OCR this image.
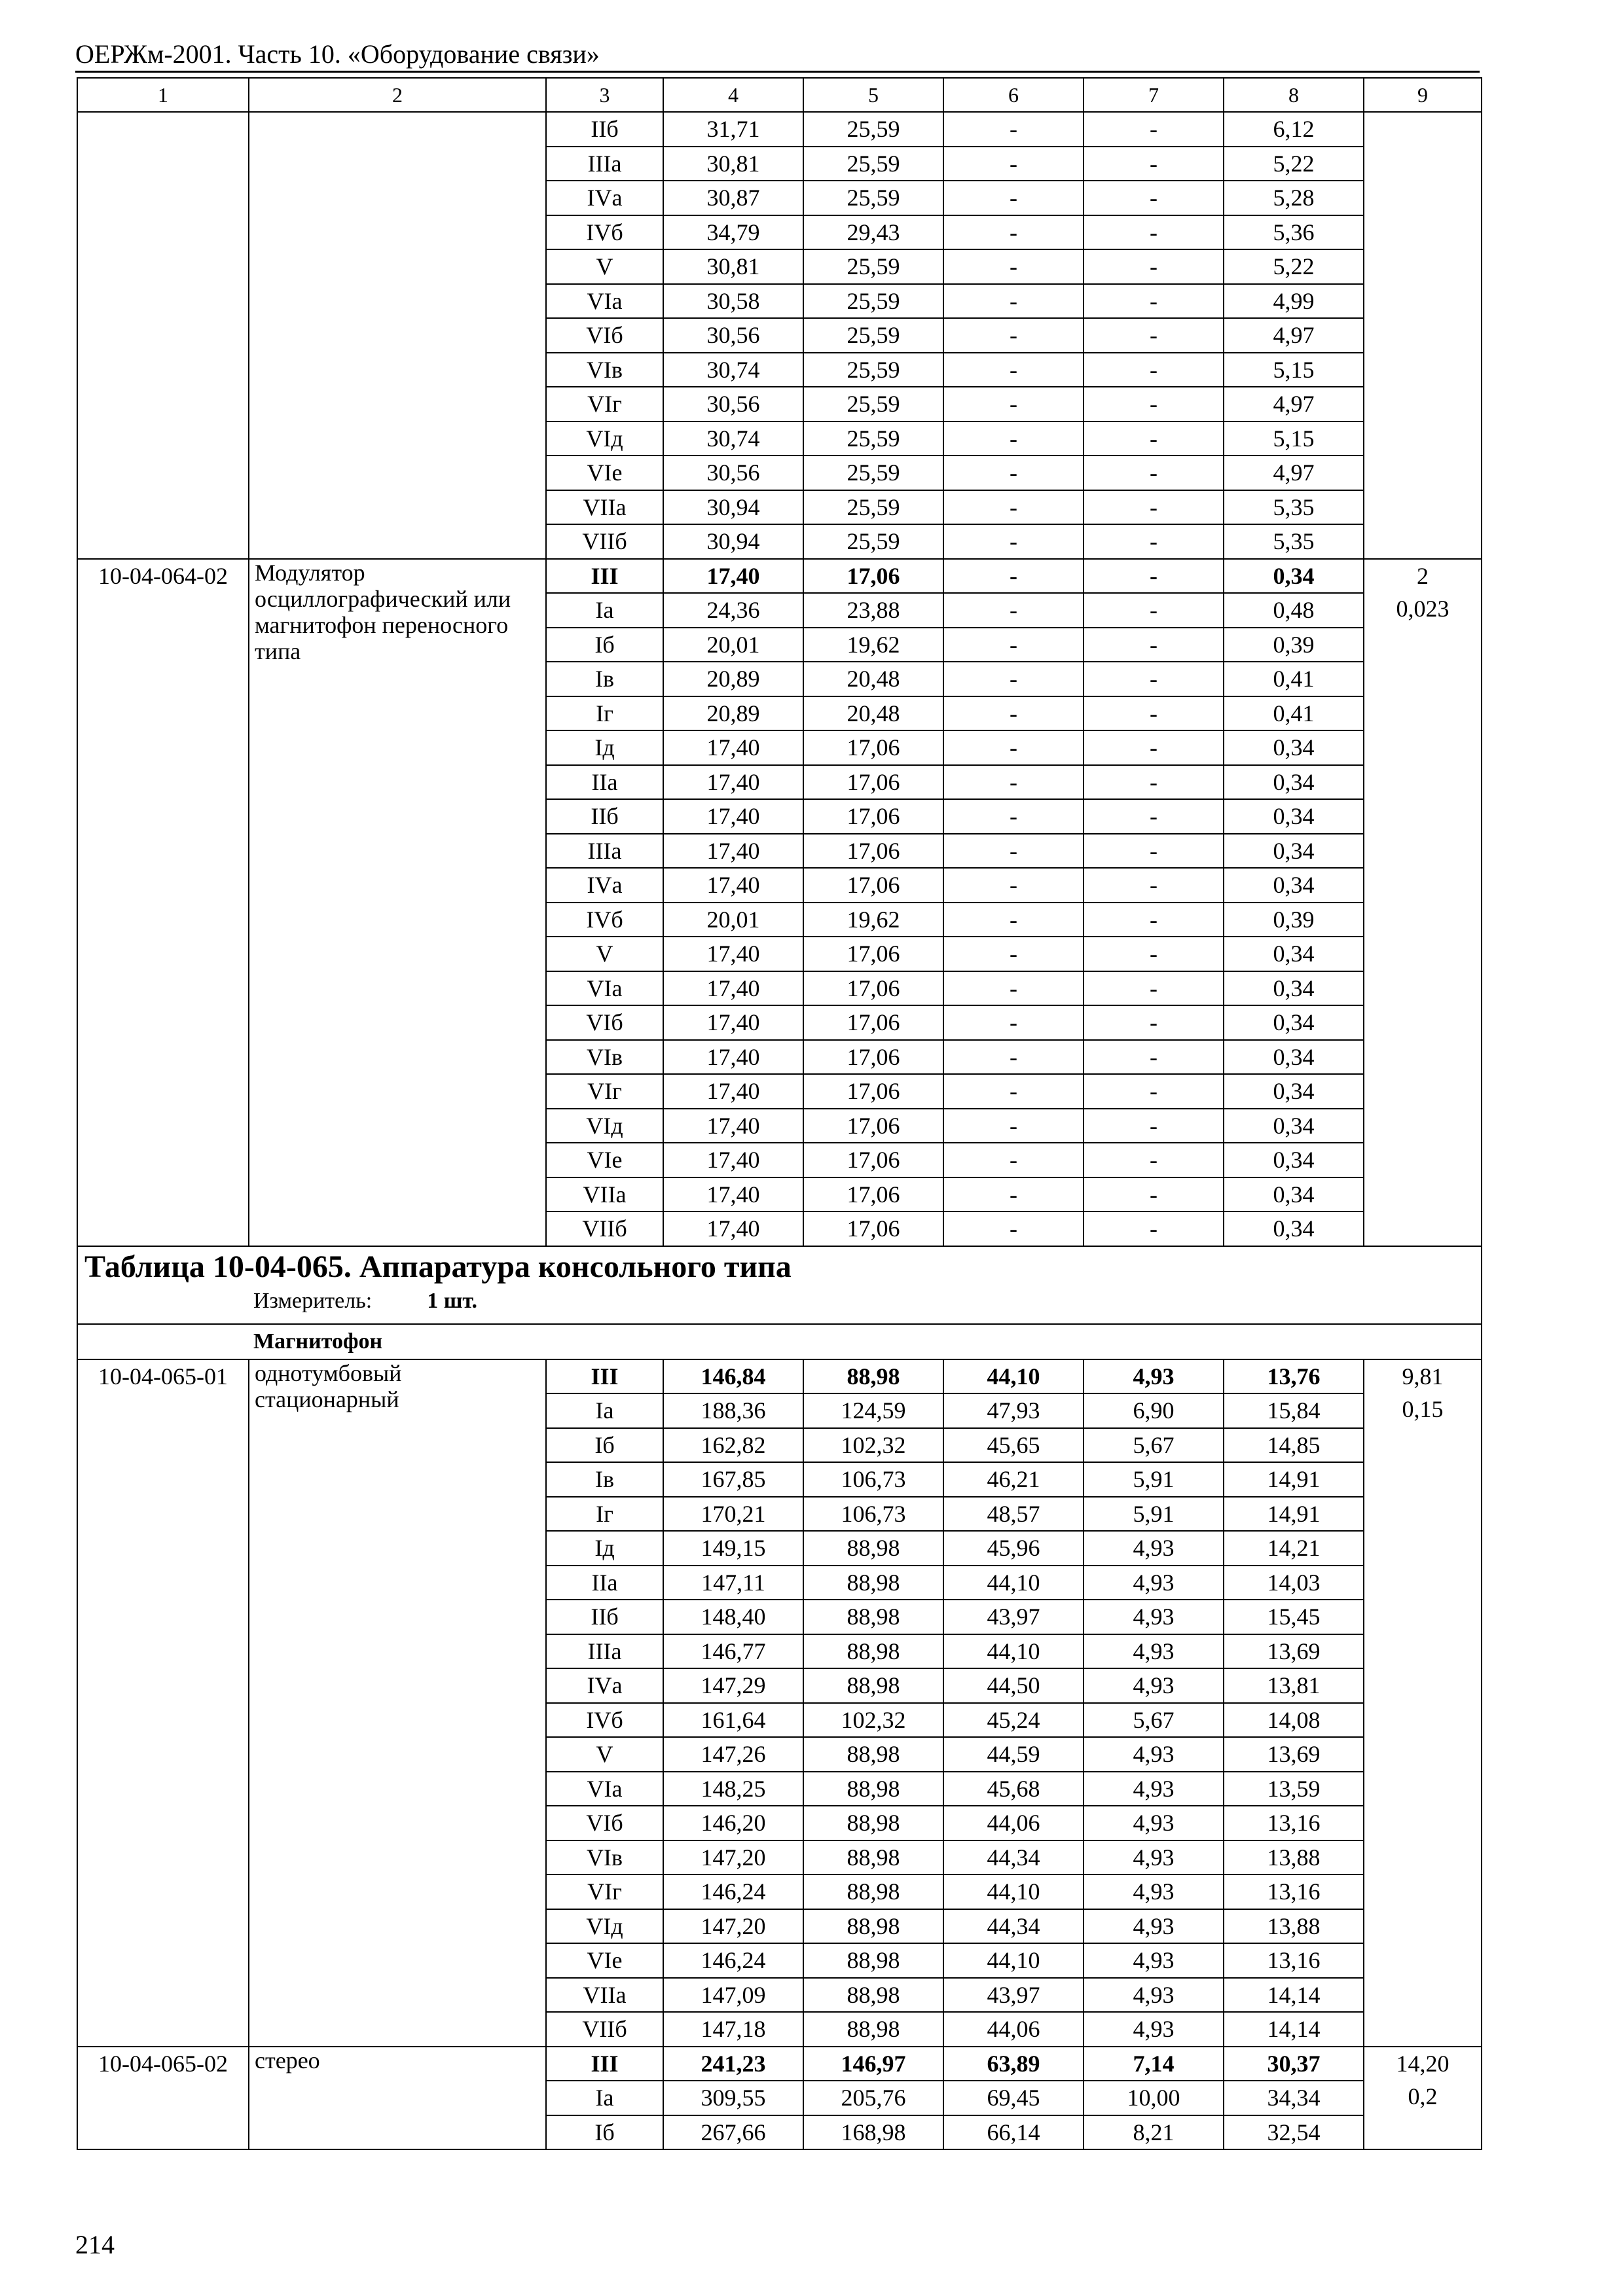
ОЕРЖм-2001. Часть 10. «Оборудование связи»
1	2	3	4	5	6	7	8	9
		IIб	31,71	25,59	-	-	6,12	
		IIIа	30,81	25,59	-	-	5,22	
		IVа	30,87	25,59	-	-	5,28	
		IVб	34,79	29,43	-	-	5,36	
		V	30,81	25,59	-	-	5,22	
		VIа	30,58	25,59	-	-	4,99	
		VIб	30,56	25,59	-	-	4,97	
		VIв	30,74	25,59	-	-	5,15	
		VIг	30,56	25,59	-	-	4,97	
		VIд	30,74	25,59	-	-	5,15	
		VIе	30,56	25,59	-	-	4,97	
		VIIа	30,94	25,59	-	-	5,35	
		VIIб	30,94	25,59	-	-	5,35	
10-04-064-02	Модулятор осциллографический или магнитофон переносного типа	III	17,40	17,06	-	-	0,34	2
0,023

		Iа	24,36	23,88	-	-	0,48	
		Iб	20,01	19,62	-	-	0,39	
		Iв	20,89	20,48	-	-	0,41	
		Iг	20,89	20,48	-	-	0,41	
		Iд	17,40	17,06	-	-	0,34	
		IIа	17,40	17,06	-	-	0,34	
		IIб	17,40	17,06	-	-	0,34	
		IIIа	17,40	17,06	-	-	0,34	
		IVа	17,40	17,06	-	-	0,34	
		IVб	20,01	19,62	-	-	0,39	
		V	17,40	17,06	-	-	0,34	
		VIа	17,40	17,06	-	-	0,34	
		VIб	17,40	17,06	-	-	0,34	
		VIв	17,40	17,06	-	-	0,34	
		VIг	17,40	17,06	-	-	0,34	
		VIд	17,40	17,06	-	-	0,34	
		VIе	17,40	17,06	-	-	0,34	
		VIIа	17,40	17,06	-	-	0,34	
		VIIб	17,40	17,06	-	-	0,34	

Таблица 10-04-065. Аппаратура консольного типа
Измеритель: 1 шт.								

Магнитофон								
10-04-065-01	однотумбовый стационарный	III	146,84	88,98	44,10	4,93	13,76	9,81
0,15

		Iа	188,36	124,59	47,93	6,90	15,84	
		Iб	162,82	102,32	45,65	5,67	14,85	
		Iв	167,85	106,73	46,21	5,91	14,91	
		Iг	170,21	106,73	48,57	5,91	14,91	
		Iд	149,15	88,98	45,96	4,93	14,21	
		IIа	147,11	88,98	44,10	4,93	14,03	
		IIб	148,40	88,98	43,97	4,93	15,45	
		IIIа	146,77	88,98	44,10	4,93	13,69	
		IVа	147,29	88,98	44,50	4,93	13,81	
		IVб	161,64	102,32	45,24	5,67	14,08	
		V	147,26	88,98	44,59	4,93	13,69	
		VIа	148,25	88,98	45,68	4,93	13,59	
		VIб	146,20	88,98	44,06	4,93	13,16	
		VIв	147,20	88,98	44,34	4,93	13,88	
		VIг	146,24	88,98	44,10	4,93	13,16	
		VIд	147,20	88,98	44,34	4,93	13,88	
		VIе	146,24	88,98	44,10	4,93	13,16	
		VIIа	147,09	88,98	43,97	4,93	14,14	
		VIIб	147,18	88,98	44,06	4,93	14,14	
10-04-065-02	стерео	III	241,23	146,97	63,89	7,14	30,37	14,20
0,2

		Iа	309,55	205,76	69,45	10,00	34,34	
		Iб	267,66	168,98	66,14	8,21	32,54	
214
